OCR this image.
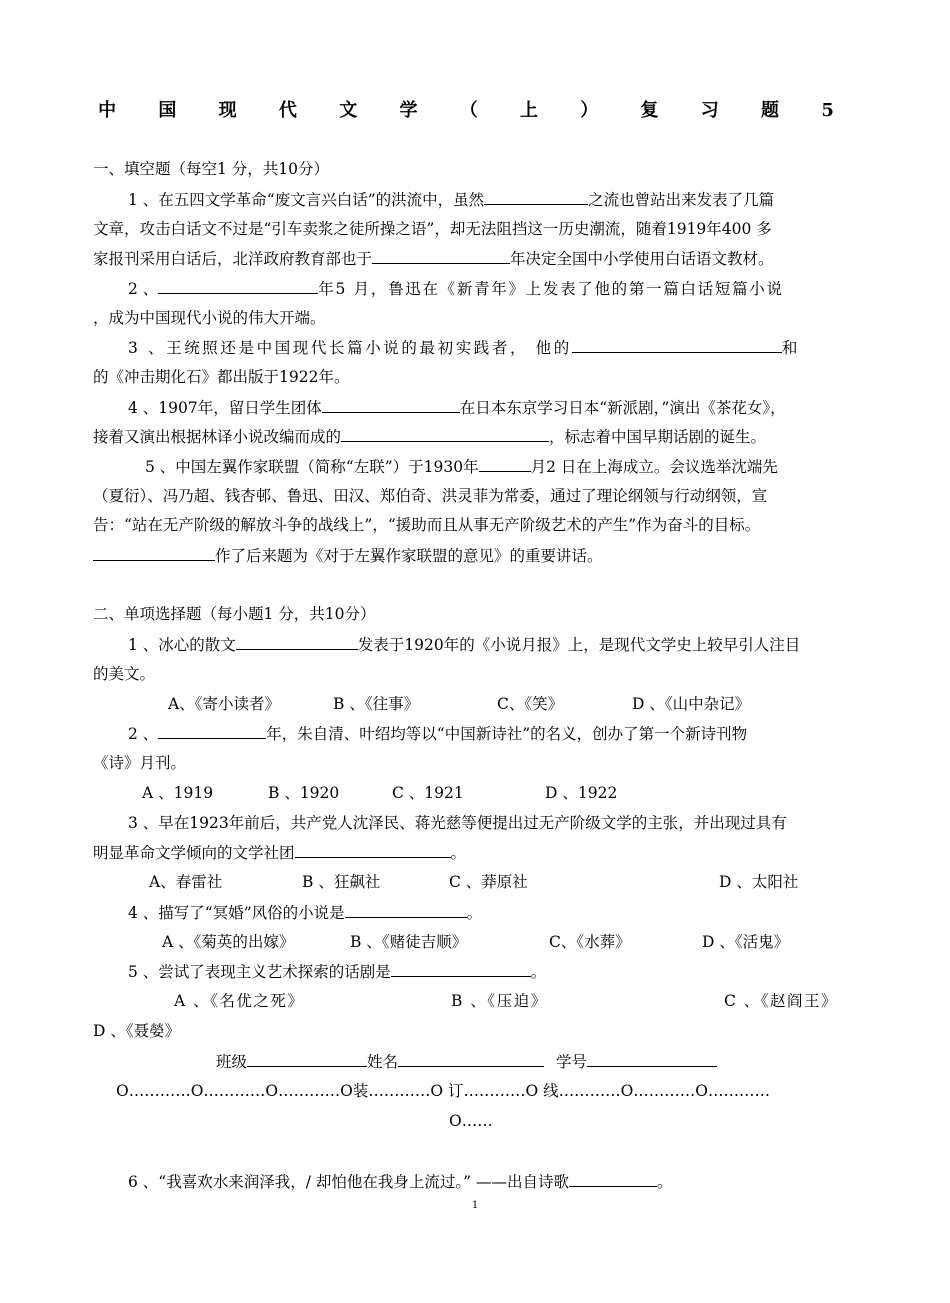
中 国 现 代 文 学 （ 上 ） 复 习 题 5
一、填空题（每空1 分，共10分）
1 、在五四文学革命“废文言兴白话”的洪流中，虽然	之流也曾站出来发表了几篇
文章，攻击白话文不过是“引车卖浆之徒所操之语”，却无法阻挡这一历史潮流，随着1919年400 多
家报刊采用白话后，北洋政府教育部也于	年决定全国中小学使用白话语文教材。
2 、	年5 月，鲁迅在《新青年》上发表了他的第一篇白话短篇小说
，成为中国现代小说的伟大开端。
3 、王统照还是中国现代长篇小说的最初实践者， 他的	和
的《冲击期化石》都出版于1922年。
4 、1907年，留日学生团体	在日本东京学习日本“新派剧，”演出《茶花女》，
接着又演出根据林译小说改编而成的	，标志着中国早期话剧的诞生。
5 、中国左翼作家联盟（简称“左联”）于1930年	月2 日在上海成立。会议选举沈端先
（夏衍）、冯乃超、钱杏邨、鲁迅、田汉、郑伯奇、洪灵菲为常委，通过了理论纲领与行动纲领，宣
告：“站在无产阶级的解放斗争的战线上”，“援助而且从事无产阶级艺术的产生”作为奋斗的目标。
作了后来题为《对于左翼作家联盟的意见》的重要讲话。
二、单项选择题（每小题1 分，共10分）
1 、冰心的散文	发表于1920年的《小说月报》上，是现代文学史上较早引人注目
的美文。
A、《寄小读者》	B 、《往事》	C、《笑》	D 、《山中杂记》
2 、	年，朱自清、叶绍均等以“中国新诗社”的名义，创办了第一个新诗刊物
《诗》月刊。
A 、1919	B 、1920	C 、1921	D 、1922
3 、早在1923年前后，共产党人沈泽民、蒋光慈等便提出过无产阶级文学的主张，并出现过具有
明显革命文学倾向的文学社团	。
A、春雷社	B 、狂飙社	C 、莽原社	D 、太阳社
4 、描写了“冥婚”风俗的小说是	。
A 、《菊英的出嫁》	B 、《赌徒吉顺》	C、《水葬》	D 、《活鬼》
5 、尝试了表现主义艺术探索的话剧是	。
A 、《名优之死》	B 、《压迫》	C 、《赵阎王》
D 、《聂嫈》
班级	姓名	学号
O…………O…………O…………O装…………O 订…………O 线…………O…………O…………
O……
6 、“我喜欢水来润泽我，/ 却怕他在我身上流过。” ——出自诗歌	。
1
